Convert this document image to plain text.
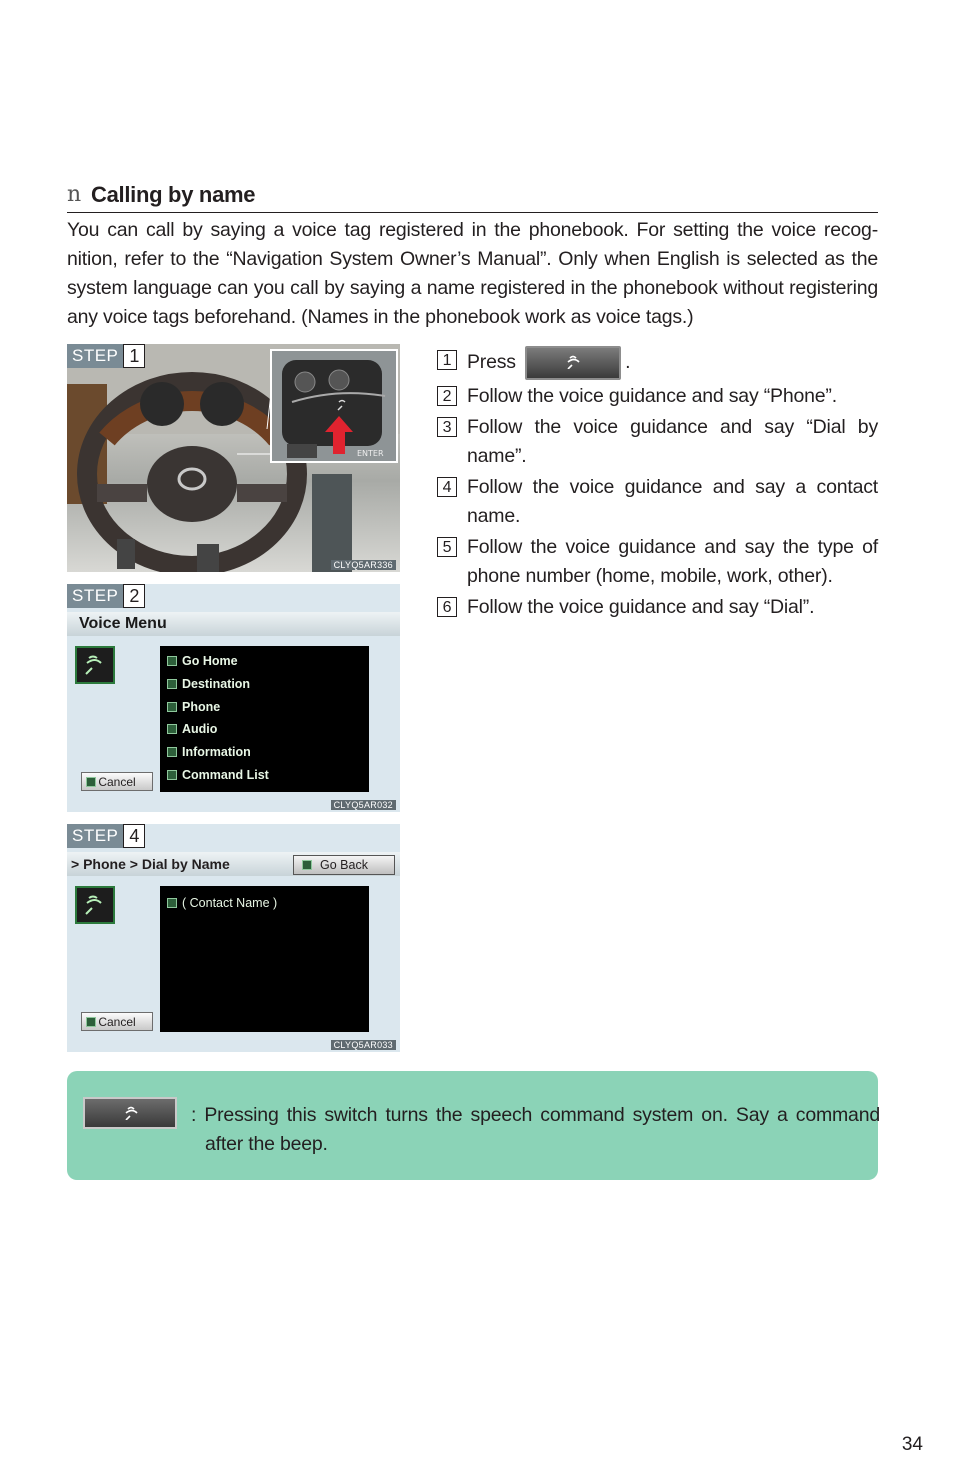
n Calling by name
You can call by saying a voice tag registered in the phonebook. For setting the voice recog-nition, refer to the “Navigation System Owner’s Manual”. Only when English is selected as the system language can you call by saying a name registered in the phonebook without registering any voice tags beforehand. (Names in the phonebook work as voice tags.)
STEP 1
ENTER
CLYQ5AR336
STEP 2
Voice Menu
Go Home
Destination
Phone
Audio
Information
Command List
Cancel
CLYQ5AR032
STEP 4
> Phone > Dial by Name	Go Back
( Contact Name )
Cancel
CLYQ5AR033
1 Press	.
2 Follow the voice guidance and say “Phone”.
3 Follow the voice guidance and say “Dial by name”.
4 Follow the voice guidance and say a contact name.
5 Follow the voice guidance and say the type of phone number (home, mobile, work, other).
6 Follow the voice guidance and say “Dial”.
: Pressing this switch turns the speech command system on. Say a command after the beep.
34
